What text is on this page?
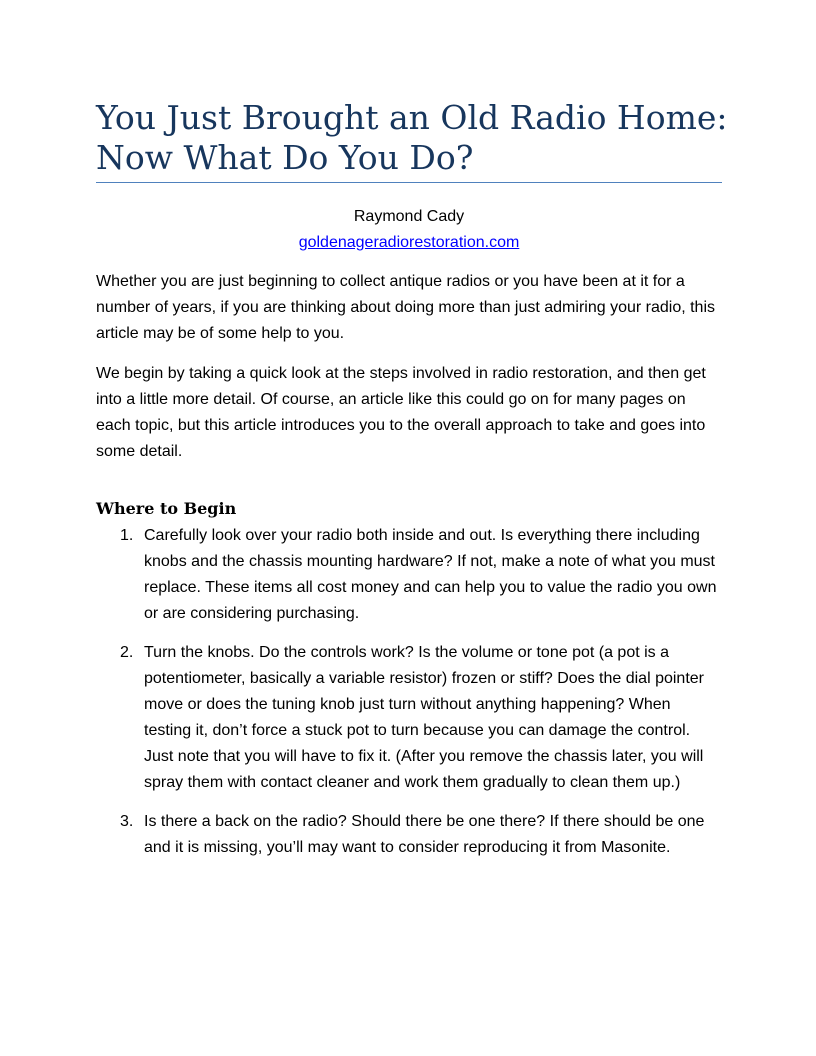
You Just Brought an Old Radio Home:
Now What Do You Do?
Raymond Cady
goldenageradiorestoration.com
Whether you are just beginning to collect antique radios or you have been at it for a number of years, if you are thinking about doing more than just admiring your radio, this article may be of some help to you.
We begin by taking a quick look at the steps involved in radio restoration, and then get into a little more detail. Of course, an article like this could go on for many pages on each topic, but this article introduces you to the overall approach to take and goes into some detail.
Where to Begin
1. Carefully look over your radio both inside and out. Is everything there including knobs and the chassis mounting hardware? If not, make a note of what you must replace. These items all cost money and can help you to value the radio you own or are considering purchasing.
2. Turn the knobs. Do the controls work? Is the volume or tone pot (a pot is a potentiometer, basically a variable resistor) frozen or stiff? Does the dial pointer move or does the tuning knob just turn without anything happening? When testing it, don’t force a stuck pot to turn because you can damage the control. Just note that you will have to fix it. (After you remove the chassis later, you will spray them with contact cleaner and work them gradually to clean them up.)
3. Is there a back on the radio? Should there be one there? If there should be one and it is missing, you’ll may want to consider reproducing it from Masonite.
